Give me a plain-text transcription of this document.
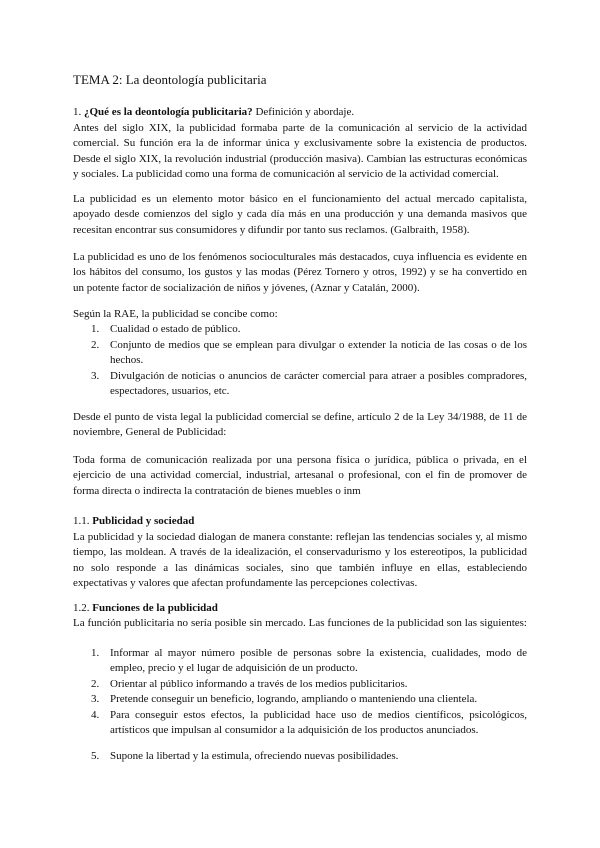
TEMA 2: La deontología publicitaria
1. ¿Qué es la deontología publicitaria? Definición y abordaje.
Antes del siglo XIX, la publicidad formaba parte de la comunicación al servicio de la actividad
comercial. Su función era la de informar única y exclusivamente sobre la existencia de productos.
Desde el siglo XIX, la revolución industrial (producción masiva). Cambian las estructuras económicas
y sociales. La publicidad como una forma de comunicación al servicio de la actividad comercial.
La publicidad es un elemento motor básico en el funcionamiento del actual mercado capitalista,
apoyado desde comienzos del siglo y cada día más en una producción y una demanda masivos que
recesitan encontrar sus consumidores y difundir por tanto sus reclamos. (Galbraith, 1958).
La publicidad es uno de los fenómenos socioculturales más destacados, cuya influencia es evidente en
los hábitos del consumo, los gustos y las modas (Pérez Tornero y otros, 1992) y se ha convertido en
un potente factor de socialización de niños y jóvenes, (Aznar y Catalán, 2000).
Según la RAE, la publicidad se concibe como:
1. Cualidad o estado de público.
2. Conjunto de medios que se emplean para divulgar o extender la noticia de las cosas o de los
hechos.
3. Divulgación de noticias o anuncios de carácter comercial para atraer a posibles compradores,
espectadores, usuarios, etc.
Desde el punto de vista legal la publicidad comercial se define, artículo 2 de la Ley 34/1988, de 11 de
noviembre, General de Publicidad:
Toda forma de comunicación realizada por una persona física o jurídica, pública o privada, en el
ejercicio de una actividad comercial, industrial, artesanal o profesional, con el fin de promover de
forma directa o indirecta la contratación de bienes muebles o inm
1.1. Publicidad y sociedad
La publicidad y la sociedad dialogan de manera constante: reflejan las tendencias sociales y, al mismo
tiempo, las moldean. A través de la idealización, el conservadurismo y los estereotipos, la publicidad
no solo responde a las dinámicas sociales, sino que también influye en ellas, estableciendo
expectativas y valores que afectan profundamente las percepciones colectivas.
1.2. Funciones de la publicidad
La función publicitaria no sería posible sin mercado. Las funciones de la publicidad son las siguientes:
1. Informar al mayor número posible de personas sobre la existencia, cualidades, modo de
empleo, precio y el lugar de adquisición de un producto.
2. Orientar al público informando a través de los medios publicitarios.
3. Pretende conseguir un beneficio, logrando, ampliando o manteniendo una clientela.
4. Para conseguir estos efectos, la publicidad hace uso de medios científicos, psicológicos,
artísticos que impulsan al consumidor a la adquisición de los productos anunciados.
5. Supone la libertad y la estimula, ofreciendo nuevas posibilidades.
